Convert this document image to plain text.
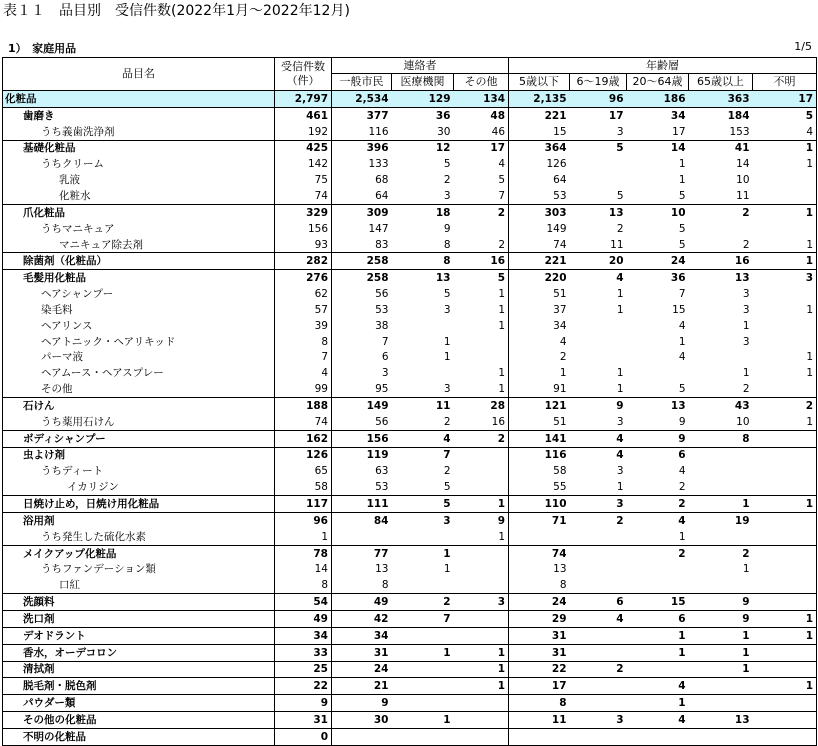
表１１　品目別　受信件数(2022年1月～2022年12月)
1）　家庭用品	1/5
品目名	受信件数
（件）	連絡者			年齢層				
		一般市民	医療機関	その他	5歳以下	6～19歳	20～64歳	65歳以上	不明
化粧品	2,797	2,534	129	134	2,135	96	186	363	17
歯磨き	461	377	36	48	221	17	34	184	5
うち義歯洗浄剤	192	116	30	46	15	3	17	153	4
基礎化粧品	425	396	12	17	364	5	14	41	1
うちクリーム	142	133	5	4	126		1	14	1
乳液	75	68	2	5	64		1	10	
化粧水	74	64	3	7	53	5	5	11	
爪化粧品	329	309	18	2	303	13	10	2	1
うちマニキュア	156	147	9		149	2	5		
マニキュア除去剤	93	83	8	2	74	11	5	2	1
除菌剤（化粧品）	282	258	8	16	221	20	24	16	1
毛髪用化粧品	276	258	13	5	220	4	36	13	3
ヘアシャンプー	62	56	5	1	51	1	7	3	
染毛料	57	53	3	1	37	1	15	3	1
ヘアリンス	39	38		1	34		4	1	
ヘアトニック・ヘアリキッド	8	7	1		4		1	3	
パーマ液	7	6	1		2		4		1
ヘアムース・ヘアスプレー	4	3		1	1	1		1	1
その他	99	95	3	1	91	1	5	2	
石けん	188	149	11	28	121	9	13	43	2
うち薬用石けん	74	56	2	16	51	3	9	10	1
ボディシャンプー	162	156	4	2	141	4	9	8	
虫よけ剤	126	119	7		116	4	6		
うちディート	65	63	2		58	3	4		
イカリジン	58	53	5		55	1	2		
日焼け止め，日焼け用化粧品	117	111	5	1	110	3	2	1	1
浴用剤	96	84	3	9	71	2	4	19	
うち発生した硫化水素	1			1			1		
メイクアップ化粧品	78	77	1		74		2	2	
うちファンデーション類	14	13	1		13			1	
口紅	8	8			8				
洗顔料	54	49	2	3	24	6	15	9	
洗口剤	49	42	7		29	4	6	9	1
デオドラント	34	34			31		1	1	1
香水，オーデコロン	33	31	1	1	31		1	1	
清拭剤	25	24		1	22	2		1	
脱毛剤・脱色剤	22	21		1	17		4		1
パウダー類	9	9			8		1		
その他の化粧品	31	30	1		11	3	4	13	
不明の化粧品	0								
